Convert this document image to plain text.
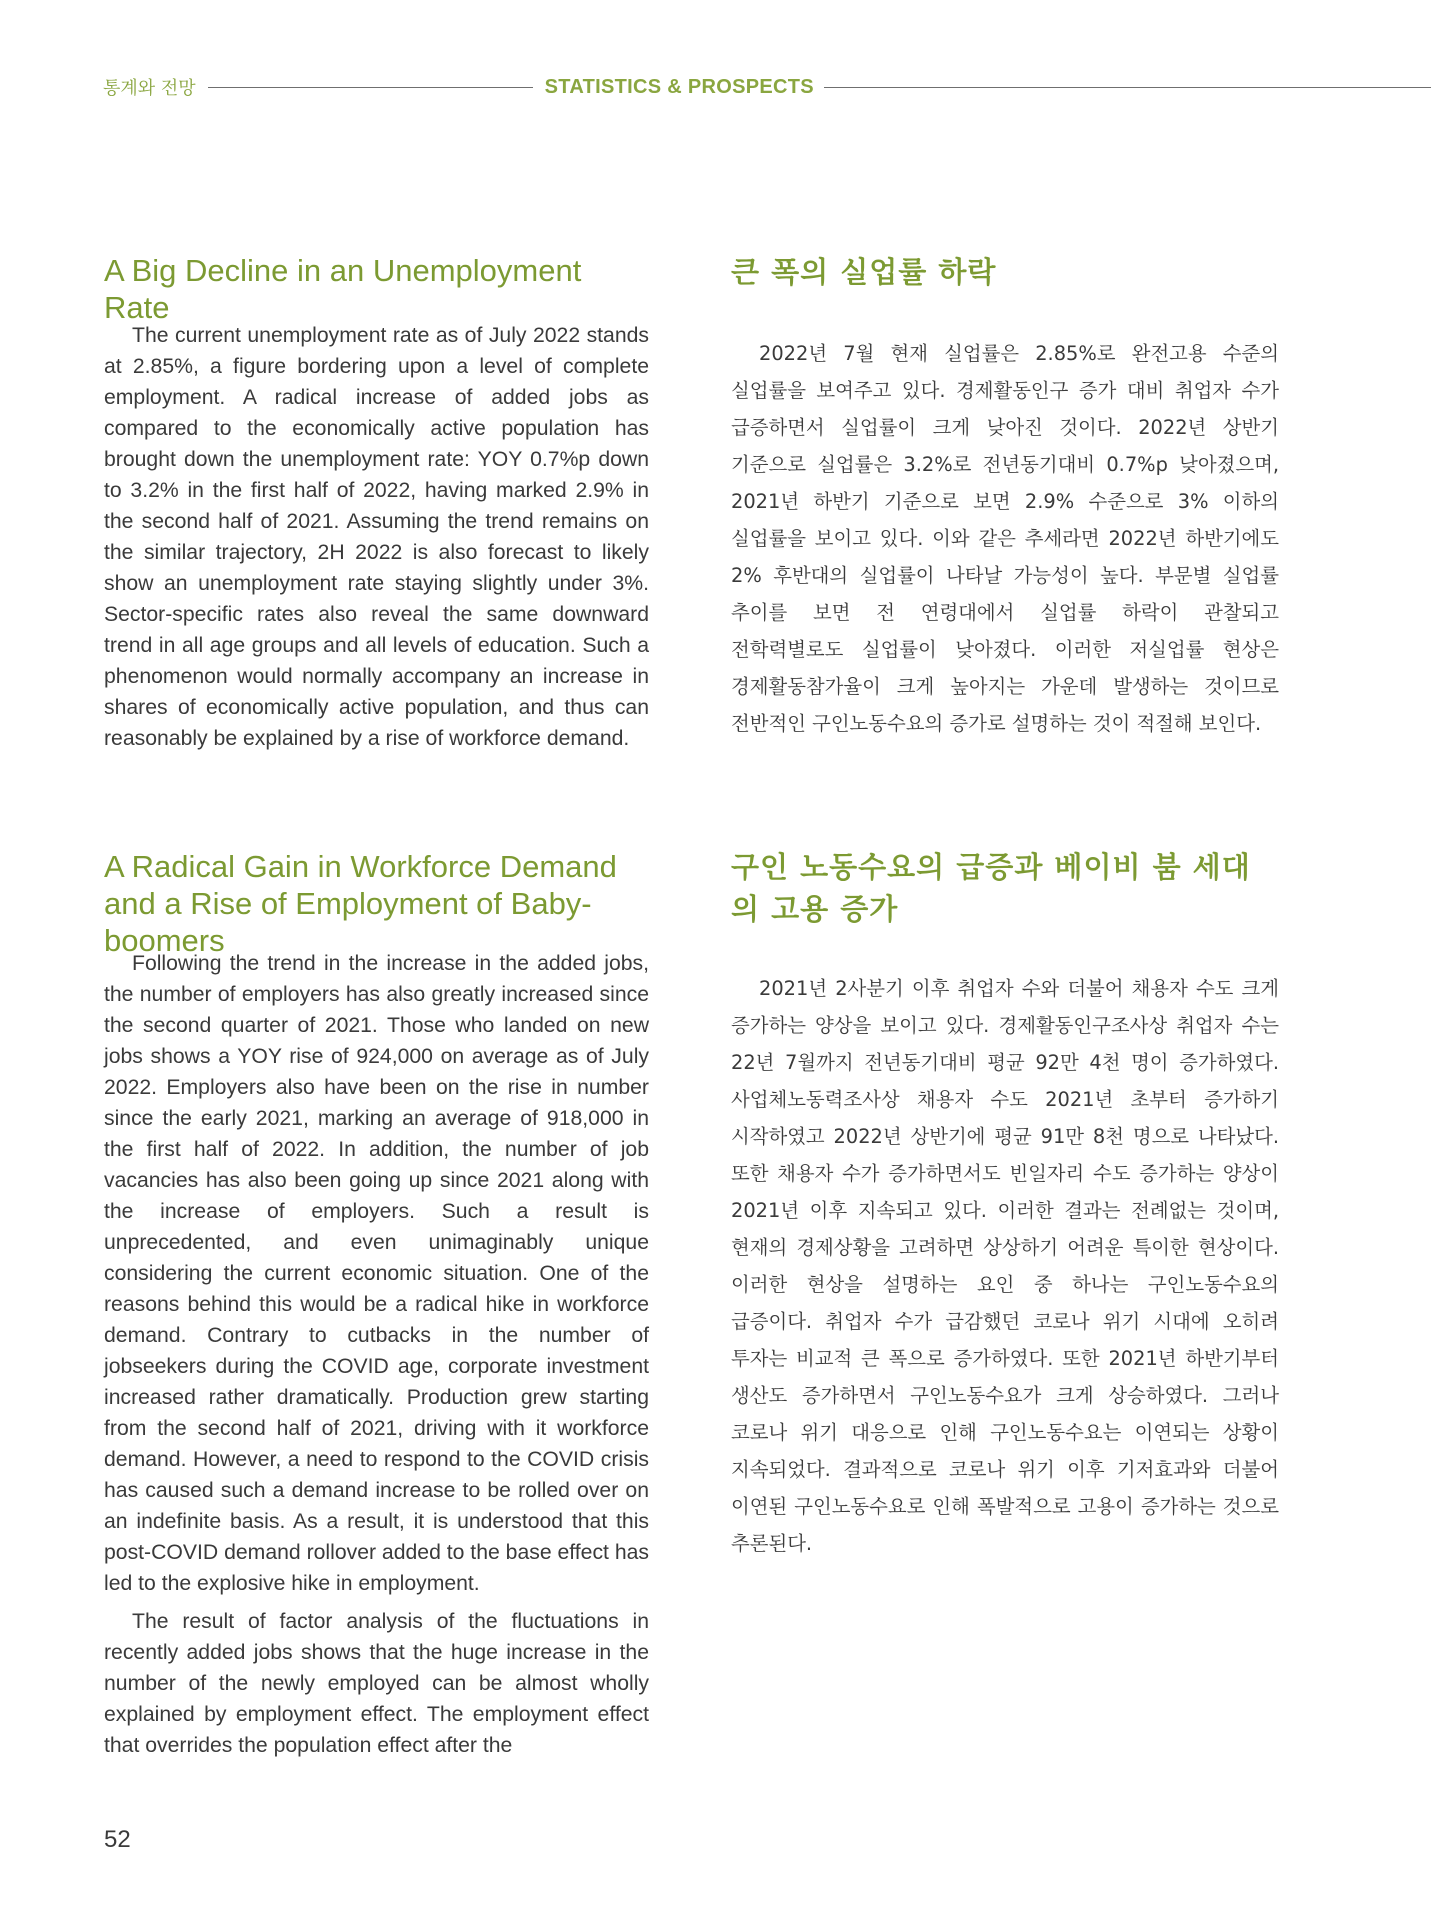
통계와 전망	STATISTICS & PROSPECTS
A Big Decline in an Unemployment Rate

The current unemployment rate as of July 2022 stands at 2.85%, a figure bordering upon a level of complete employment. A radical increase of added jobs as compared to the economically active population has brought down the unemployment rate: YOY 0.7%p down to 3.2% in the first half of 2022, having marked 2.9% in the second half of 2021. Assuming the trend remains on the similar trajectory, 2H 2022 is also forecast to likely show an unemployment rate staying slightly under 3%. Sector-specific rates also reveal the same downward trend in all age groups and all levels of education. Such a phenomenon would normally accompany an increase in shares of economically active population, and thus can reasonably be explained by a rise of workforce demand.

큰 폭의 실업률 하락

2022년 7월 현재 실업률은 2.85%로 완전고용 수준의 실업률을 보여주고 있다. 경제활동인구 증가 대비 취업자 수가 급증하면서 실업률이 크게 낮아진 것이다. 2022년 상반기 기준으로 실업률은 3.2%로 전년동기대비 0.7%p 낮아졌으며, 2021년 하반기 기준으로 보면 2.9% 수준으로 3% 이하의 실업률을 보이고 있다. 이와 같은 추세라면 2022년 하반기에도 2% 후반대의 실업률이 나타날 가능성이 높다. 부문별 실업률 추이를 보면 전 연령대에서 실업률 하락이 관찰되고 전학력별로도 실업률이 낮아졌다. 이러한 저실업률 현상은 경제활동참가율이 크게 높아지는 가운데 발생하는 것이므로 전반적인 구인노동수요의 증가로 설명하는 것이 적절해 보인다.

A Radical Gain in Workforce Demand and a Rise of Employment of Baby-boomers

Following the trend in the increase in the added jobs, the number of employers has also greatly increased since the second quarter of 2021. Those who landed on new jobs shows a YOY rise of 924,000 on average as of July 2022. Employers also have been on the rise in number since the early 2021, marking an average of 918,000 in the first half of 2022. In addition, the number of job vacancies has also been going up since 2021 along with the increase of employers. Such a result is unprecedented, and even unimaginably unique considering the current economic situation. One of the reasons behind this would be a radical hike in workforce demand. Contrary to cutbacks in the number of jobseekers during the COVID age, corporate investment increased rather dramatically. Production grew starting from the second half of 2021, driving with it workforce demand. However, a need to respond to the COVID crisis has caused such a demand increase to be rolled over on an indefinite basis. As a result, it is understood that this post-COVID demand rollover added to the base effect has led to the explosive hike in employment.

The result of factor analysis of the fluctuations in recently added jobs shows that the huge increase in the number of the newly employed can be almost wholly explained by employment effect. The employment effect that overrides the population effect after the

구인 노동수요의 급증과 베이비 붐 세대의 고용 증가

2021년 2사분기 이후 취업자 수와 더불어 채용자 수도 크게 증가하는 양상을 보이고 있다. 경제활동인구조사상 취업자 수는 22년 7월까지 전년동기대비 평균 92만 4천 명이 증가하였다. 사업체노동력조사상 채용자 수도 2021년 초부터 증가하기 시작하였고 2022년 상반기에 평균 91만 8천 명으로 나타났다. 또한 채용자 수가 증가하면서도 빈일자리 수도 증가하는 양상이 2021년 이후 지속되고 있다. 이러한 결과는 전례없는 것이며, 현재의 경제상황을 고려하면 상상하기 어려운 특이한 현상이다. 이러한 현상을 설명하는 요인 중 하나는 구인노동수요의 급증이다. 취업자 수가 급감했던 코로나 위기 시대에 오히려 투자는 비교적 큰 폭으로 증가하였다. 또한 2021년 하반기부터 생산도 증가하면서 구인노동수요가 크게 상승하였다. 그러나 코로나 위기 대응으로 인해 구인노동수요는 이연되는 상황이 지속되었다. 결과적으로 코로나 위기 이후 기저효과와 더불어 이연된 구인노동수요로 인해 폭발적으로 고용이 증가하는 것으로 추론된다.

52
